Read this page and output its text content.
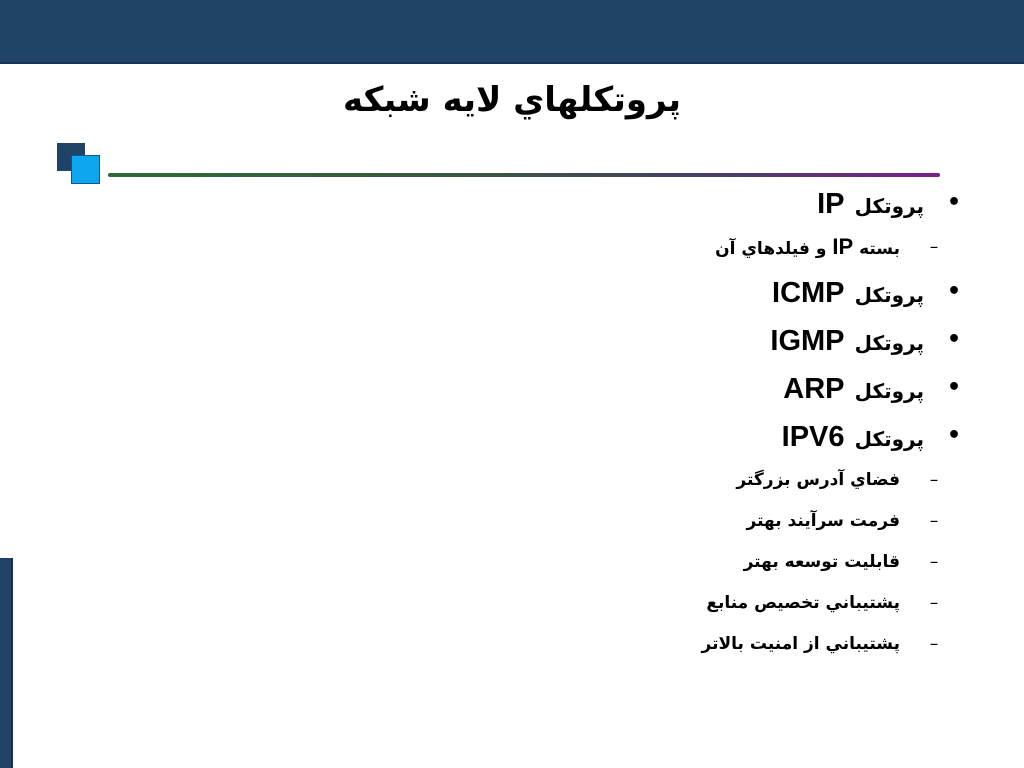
پروتکلهاي لايه شبکه
•
پروتکل IP
–
بسته IP و فيلدهاي آن
•
پروتکل ICMP
•
پروتکل IGMP
•
پروتکل ARP
•
پروتکل IPV6
–
فضاي آدرس بزرگتر
–
فرمت سرآيند بهتر
–
قابليت توسعه بهتر
–
پشتيباني تخصيص منابع
–
پشتيباني از امنيت بالاتر
